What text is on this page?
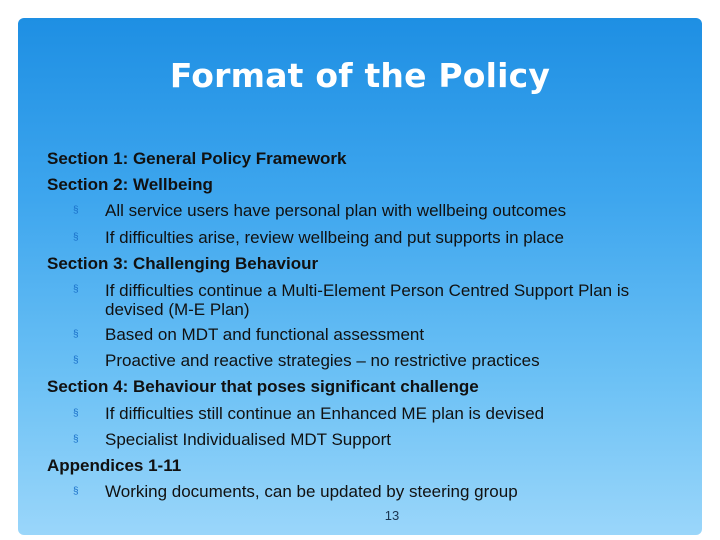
Format of the Policy
Section 1: General Policy Framework
Section 2: Wellbeing
§	All service users have personal plan with wellbeing outcomes
§	If difficulties arise, review wellbeing and put supports in place
Section 3: Challenging Behaviour
§	If difficulties continue a Multi-Element Person Centred Support Plan is devised (M-E Plan)
§	Based on MDT and functional assessment
§	Proactive and reactive strategies – no restrictive practices
Section 4: Behaviour that poses significant challenge
§	If difficulties still continue an Enhanced ME plan is devised
§	Specialist Individualised MDT Support
Appendices 1-11
§	Working documents, can be updated by steering group
13
